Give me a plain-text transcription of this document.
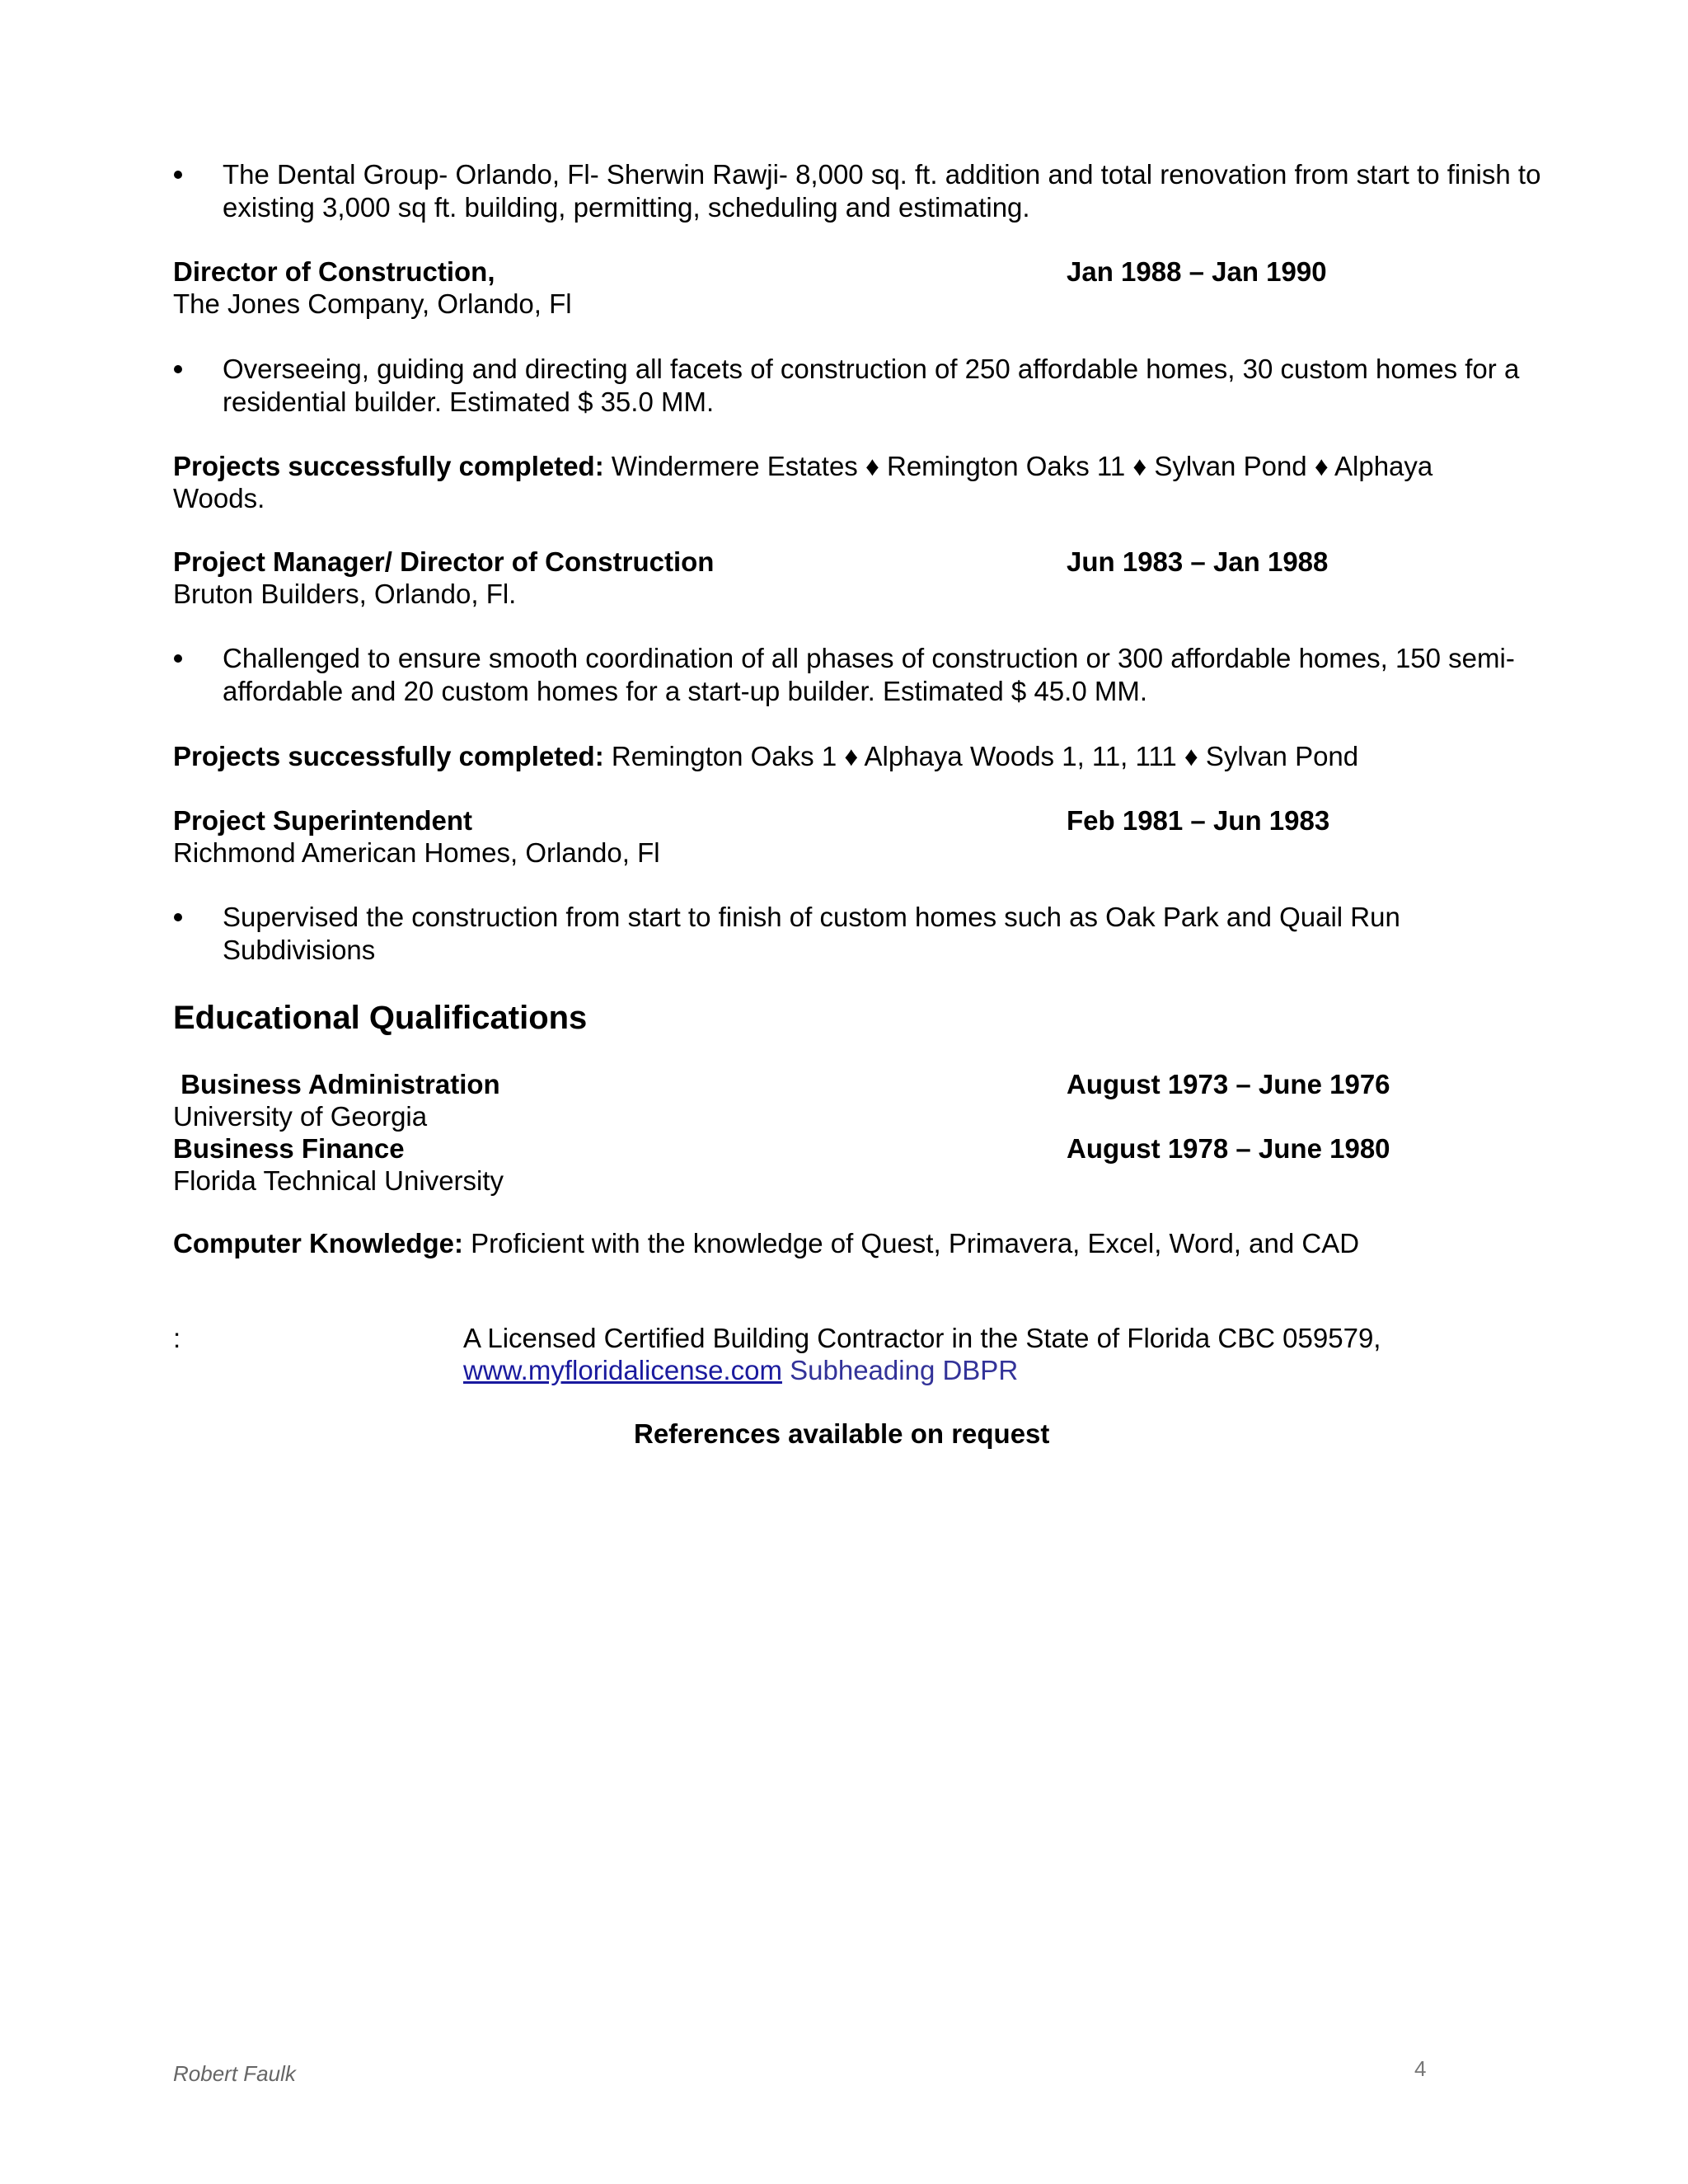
The Dental Group- Orlando, Fl- Sherwin Rawji- 8,000 sq. ft. addition and total renovation from start to finish to existing 3,000 sq ft. building, permitting, scheduling and estimating.
Director of Construction,	Jan 1988 – Jan 1990
The Jones Company, Orlando, Fl
Overseeing, guiding and directing all facets of construction of 250 affordable homes, 30 custom homes for a residential builder. Estimated $ 35.0 MM.
Projects successfully completed: Windermere Estates ♦ Remington Oaks 11 ♦ Sylvan Pond ♦ Alphaya
Woods.
Project Manager/ Director of Construction	Jun 1983 – Jan 1988
Bruton Builders, Orlando, Fl.
Challenged to ensure smooth coordination of all phases of construction or 300 affordable homes, 150 semi-affordable and 20 custom homes for a start-up builder. Estimated $ 45.0 MM.
Projects successfully completed: Remington Oaks 1 ♦ Alphaya Woods 1, 11, 111 ♦ Sylvan Pond
Project Superintendent	Feb 1981 – Jun 1983
Richmond American Homes, Orlando, Fl
Supervised the construction from start to finish of custom homes such as Oak Park and Quail Run Subdivisions
Educational Qualifications
Business Administration	August 1973 – June 1976
University of Georgia
Business Finance	August 1978 – June 1980
Florida Technical University
Computer Knowledge: Proficient with the knowledge of Quest, Primavera, Excel, Word, and CAD
:	A Licensed Certified Building Contractor in the State of Florida CBC 059579,
www.myfloridalicense.com Subheading DBPR
References available on request
Robert Faulk	4
